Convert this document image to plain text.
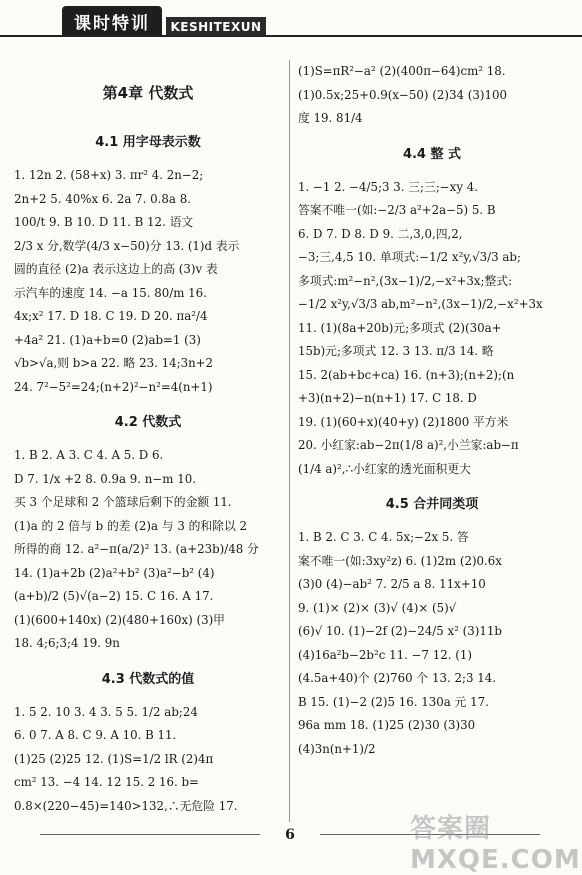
课时特训	KESHITEXUN
第4章 代数式
4.1 用字母表示数
1. 12n 2. (58+x) 3. πr² 4. 2n−2;
2n+2 5. 40%x 6. 2a 7. 0.8a 8.
100/t 9. B 10. D 11. B 12. 语文
2/3 x 分,数学(4/3 x−50)分 13. (1)d 表示
圆的直径 (2)a 表示这边上的高 (3)v 表
示汽车的速度 14. −a 15. 80/m 16.
4x;x² 17. D 18. C 19. D 20. πa²/4
+4a² 21. (1)a+b=0 (2)ab=1 (3)
√b>√a,则 b>a 22. 略 23. 14;3n+2
24. 7²−5²=24;(n+2)²−n²=4(n+1)
4.2 代数式
1. B 2. A 3. C 4. A 5. D 6.
D 7. 1/x +2 8. 0.9a 9. n−m 10.
买 3 个足球和 2 个篮球后剩下的金额 11.
(1)a 的 2 倍与 b 的差 (2)a 与 3 的和除以 2
所得的商 12. a²−π(a/2)² 13. (a+23b)/48 分
14. (1)a+2b (2)a²+b² (3)a²−b² (4)
(a+b)/2 (5)√(a−2) 15. C 16. A 17.
(1)(600+140x) (2)(480+160x) (3)甲
18. 4;6;3;4 19. 9n
4.3 代数式的值
1. 5 2. 10 3. 4 3. 5 5. 1/2 ab;24
6. 0 7. A 8. C 9. A 10. B 11.
(1)25 (2)25 12. (1)S=1/2 lR (2)4π
cm² 13. −4 14. 12 15. 2 16. b=
0.8×(220−45)=140>132,∴无危险 17.
(1)S=πR²−a² (2)(400π−64)cm² 18.
(1)0.5x;25+0.9(x−50) (2)34 (3)100
度 19. 81/4
4.4 整 式
1. −1 2. −4/5;3 3. 三;三;−xy 4.
答案不唯一(如:−2/3 a²+2a−5) 5. B
6. D 7. D 8. D 9. 二,3,0,四,2,
−3;三,4,5 10. 单项式:−1/2 x²y,√3/3 ab;
多项式:m²−n²,(3x−1)/2,−x²+3x;整式:
−1/2 x²y,√3/3 ab,m²−n²,(3x−1)/2,−x²+3x
11. (1)(8a+20b)元;多项式 (2)(30a+
15b)元;多项式 12. 3 13. π/3 14. 略
15. 2(ab+bc+ca) 16. (n+3);(n+2);(n
+3)(n+2)−n(n+1) 17. C 18. D
19. (1)(60+x)(40+y) (2)1800 平方米
20. 小红家:ab−2π(1/8 a)²,小兰家:ab−π
(1/4 a)²,∴小红家的透光面积更大
4.5 合并同类项
1. B 2. C 3. C 4. 5x;−2x 5. 答
案不唯一(如:3xy²z) 6. (1)2m (2)0.6x
(3)0 (4)−ab² 7. 2/5 a 8. 11x+10
9. (1)× (2)× (3)√ (4)× (5)√
(6)√ 10. (1)−2f (2)−24/5 x² (3)11b
(4)16a²b−2b²c 11. −7 12. (1)
(4.5a+40)个 (2)760 个 13. 2;3 14.
B 15. (1)−2 (2)5 16. 130a 元 17.
96a mm 18. (1)25 (2)30 (3)30
(4)3n(n+1)/2
6	答案圈 MXQE.COM
